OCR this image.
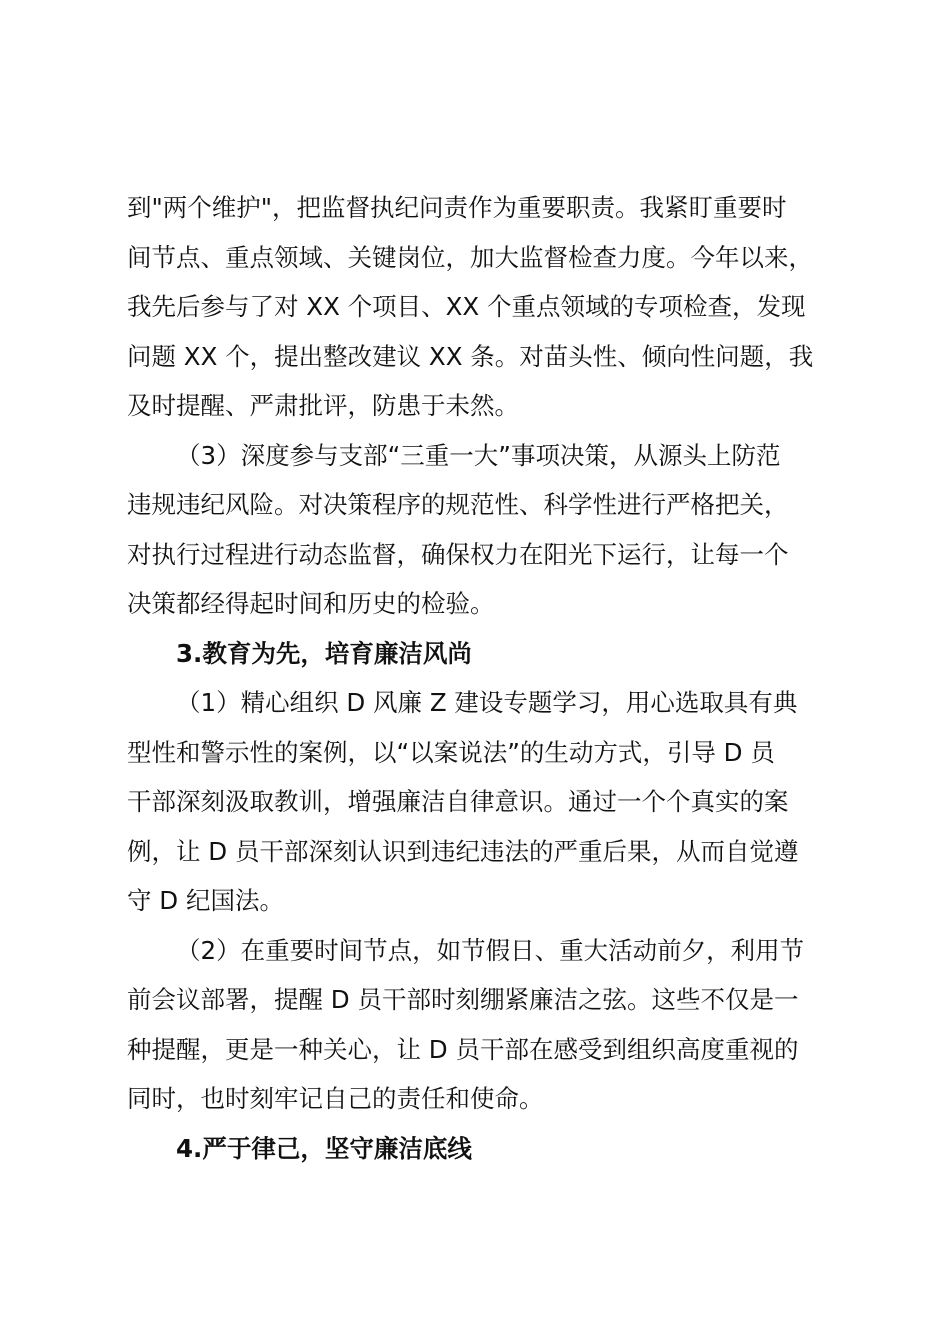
到"两个维护"，把监督执纪问责作为重要职责。我紧盯重要时
间节点、重点领域、关键岗位，加大监督检查力度。今年以来，
我先后参与了对 XX 个项目、XX 个重点领域的专项检查，发现
问题 XX 个，提出整改建议 XX 条。对苗头性、倾向性问题，我
及时提醒、严肃批评，防患于未然。
（3）深度参与支部“三重一大”事项决策，从源头上防范
违规违纪风险。对决策程序的规范性、科学性进行严格把关，
对执行过程进行动态监督，确保权力在阳光下运行，让每一个
决策都经得起时间和历史的检验。
3.教育为先，培育廉洁风尚
（1）精心组织 D 风廉 Z 建设专题学习，用心选取具有典
型性和警示性的案例，以“以案说法”的生动方式，引导 D 员
干部深刻汲取教训，增强廉洁自律意识。通过一个个真实的案
例，让 D 员干部深刻认识到违纪违法的严重后果，从而自觉遵
守 D 纪国法。
（2）在重要时间节点，如节假日、重大活动前夕，利用节
前会议部署，提醒 D 员干部时刻绷紧廉洁之弦。这些不仅是一
种提醒，更是一种关心，让 D 员干部在感受到组织高度重视的
同时，也时刻牢记自己的责任和使命。
4.严于律己，坚守廉洁底线
